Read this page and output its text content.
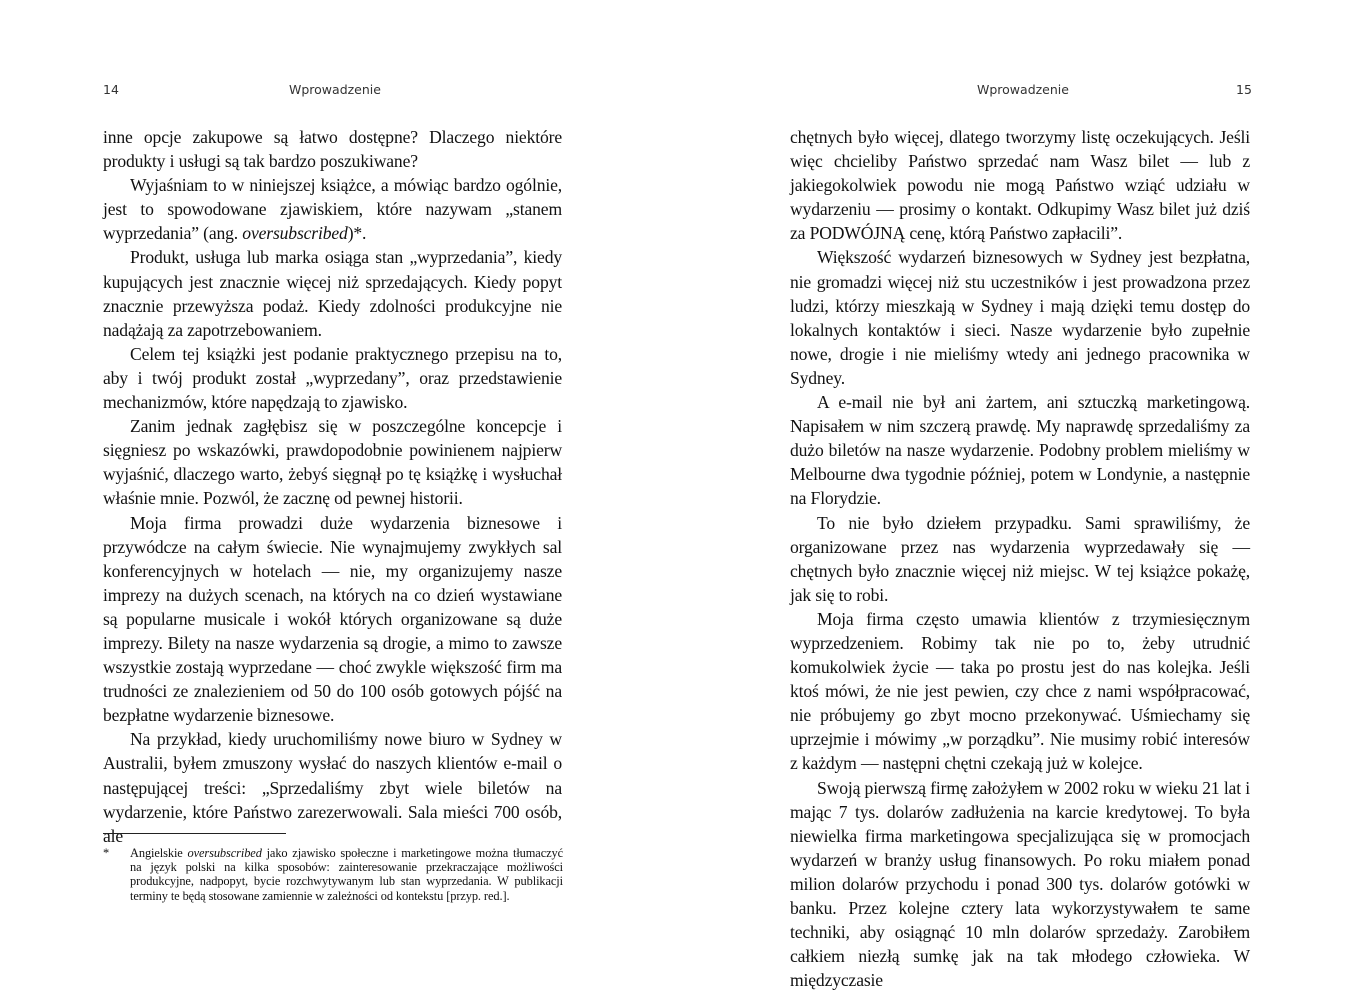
14	Wprowadzenie

inne opcje zakupowe są łatwo dostępne? Dlaczego niektóre produkty i usługi są tak bardzo poszukiwane?

Wyjaśniam to w niniejszej książce, a mówiąc bardzo ogólnie, jest to spowodowane zjawiskiem, które nazywam „stanem wyprzedania” (ang. oversubscribed)*.

Produkt, usługa lub marka osiąga stan „wyprzedania”, kiedy kupujących jest znacznie więcej niż sprzedających. Kiedy popyt znacznie przewyższa podaż. Kiedy zdolności produkcyjne nie nadążają za zapotrzebowaniem.

Celem tej książki jest podanie praktycznego przepisu na to, aby i twój produkt został „wyprzedany”, oraz przedstawienie mechanizmów, które napędzają to zjawisko.

Zanim jednak zagłębisz się w poszczególne koncepcje i sięgniesz po wskazówki, prawdopodobnie powinienem najpierw wyjaśnić, dlaczego warto, żebyś sięgnął po tę książkę i wysłuchał właśnie mnie. Pozwól, że zacznę od pewnej historii.

Moja firma prowadzi duże wydarzenia biznesowe i przywódcze na całym świecie. Nie wynajmujemy zwykłych sal konferencyjnych w hotelach — nie, my organizujemy nasze imprezy na dużych scenach, na których na co dzień wystawiane są popularne musicale i wokół których organizowane są duże imprezy. Bilety na nasze wydarzenia są drogie, a mimo to zawsze wszystkie zostają wyprzedane — choć zwykle większość firm ma trudności ze znalezieniem od 50 do 100 osób gotowych pójść na bezpłatne wydarzenie biznesowe.

Na przykład, kiedy uruchomiliśmy nowe biuro w Sydney w Australii, byłem zmuszony wysłać do naszych klientów e-mail o następującej treści: „Sprzedaliśmy zbyt wiele biletów na wydarzenie, które Państwo zarezerwowali. Sala mieści 700 osób, ale

* Angielskie oversubscribed jako zjawisko społeczne i marketingowe można tłumaczyć na język polski na kilka sposobów: zainteresowanie przekraczające możliwości produkcyjne, nadpopyt, bycie rozchwytywanym lub stan wyprzedania. W publikacji terminy te będą stosowane zamiennie w zależności od kontekstu [przyp. red.].
Wprowadzenie	15

chętnych było więcej, dlatego tworzymy listę oczekujących. Jeśli więc chcieliby Państwo sprzedać nam Wasz bilet — lub z jakiegokolwiek powodu nie mogą Państwo wziąć udziału w wydarzeniu — prosimy o kontakt. Odkupimy Wasz bilet już dziś za PODWÓJNĄ cenę, którą Państwo zapłacili”.

Większość wydarzeń biznesowych w Sydney jest bezpłatna, nie gromadzi więcej niż stu uczestników i jest prowadzona przez ludzi, którzy mieszkają w Sydney i mają dzięki temu dostęp do lokalnych kontaktów i sieci. Nasze wydarzenie było zupełnie nowe, drogie i nie mieliśmy wtedy ani jednego pracownika w Sydney.

A e-mail nie był ani żartem, ani sztuczką marketingową. Napisałem w nim szczerą prawdę. My naprawdę sprzedaliśmy za dużo biletów na nasze wydarzenie. Podobny problem mieliśmy w Melbourne dwa tygodnie później, potem w Londynie, a następnie na Florydzie.

To nie było dziełem przypadku. Sami sprawiliśmy, że organizowane przez nas wydarzenia wyprzedawały się — chętnych było znacznie więcej niż miejsc. W tej książce pokażę, jak się to robi.

Moja firma często umawia klientów z trzymiesięcznym wyprzedzeniem. Robimy tak nie po to, żeby utrudnić komukolwiek życie — taka po prostu jest do nas kolejka. Jeśli ktoś mówi, że nie jest pewien, czy chce z nami współpracować, nie próbujemy go zbyt mocno przekonywać. Uśmiechamy się uprzejmie i mówimy „w porządku”. Nie musimy robić interesów z każdym — następni chętni czekają już w kolejce.

Swoją pierwszą firmę założyłem w 2002 roku w wieku 21 lat i mając 7 tys. dolarów zadłużenia na karcie kredytowej. To była niewielka firma marketingowa specjalizująca się w promocjach wydarzeń w branży usług finansowych. Po roku miałem ponad milion dolarów przychodu i ponad 300 tys. dolarów gotówki w banku. Przez kolejne cztery lata wykorzystywałem te same techniki, aby osiągnąć 10 mln dolarów sprzedaży. Zarobiłem całkiem niezłą sumkę jak na tak młodego człowieka. W międzyczasie
